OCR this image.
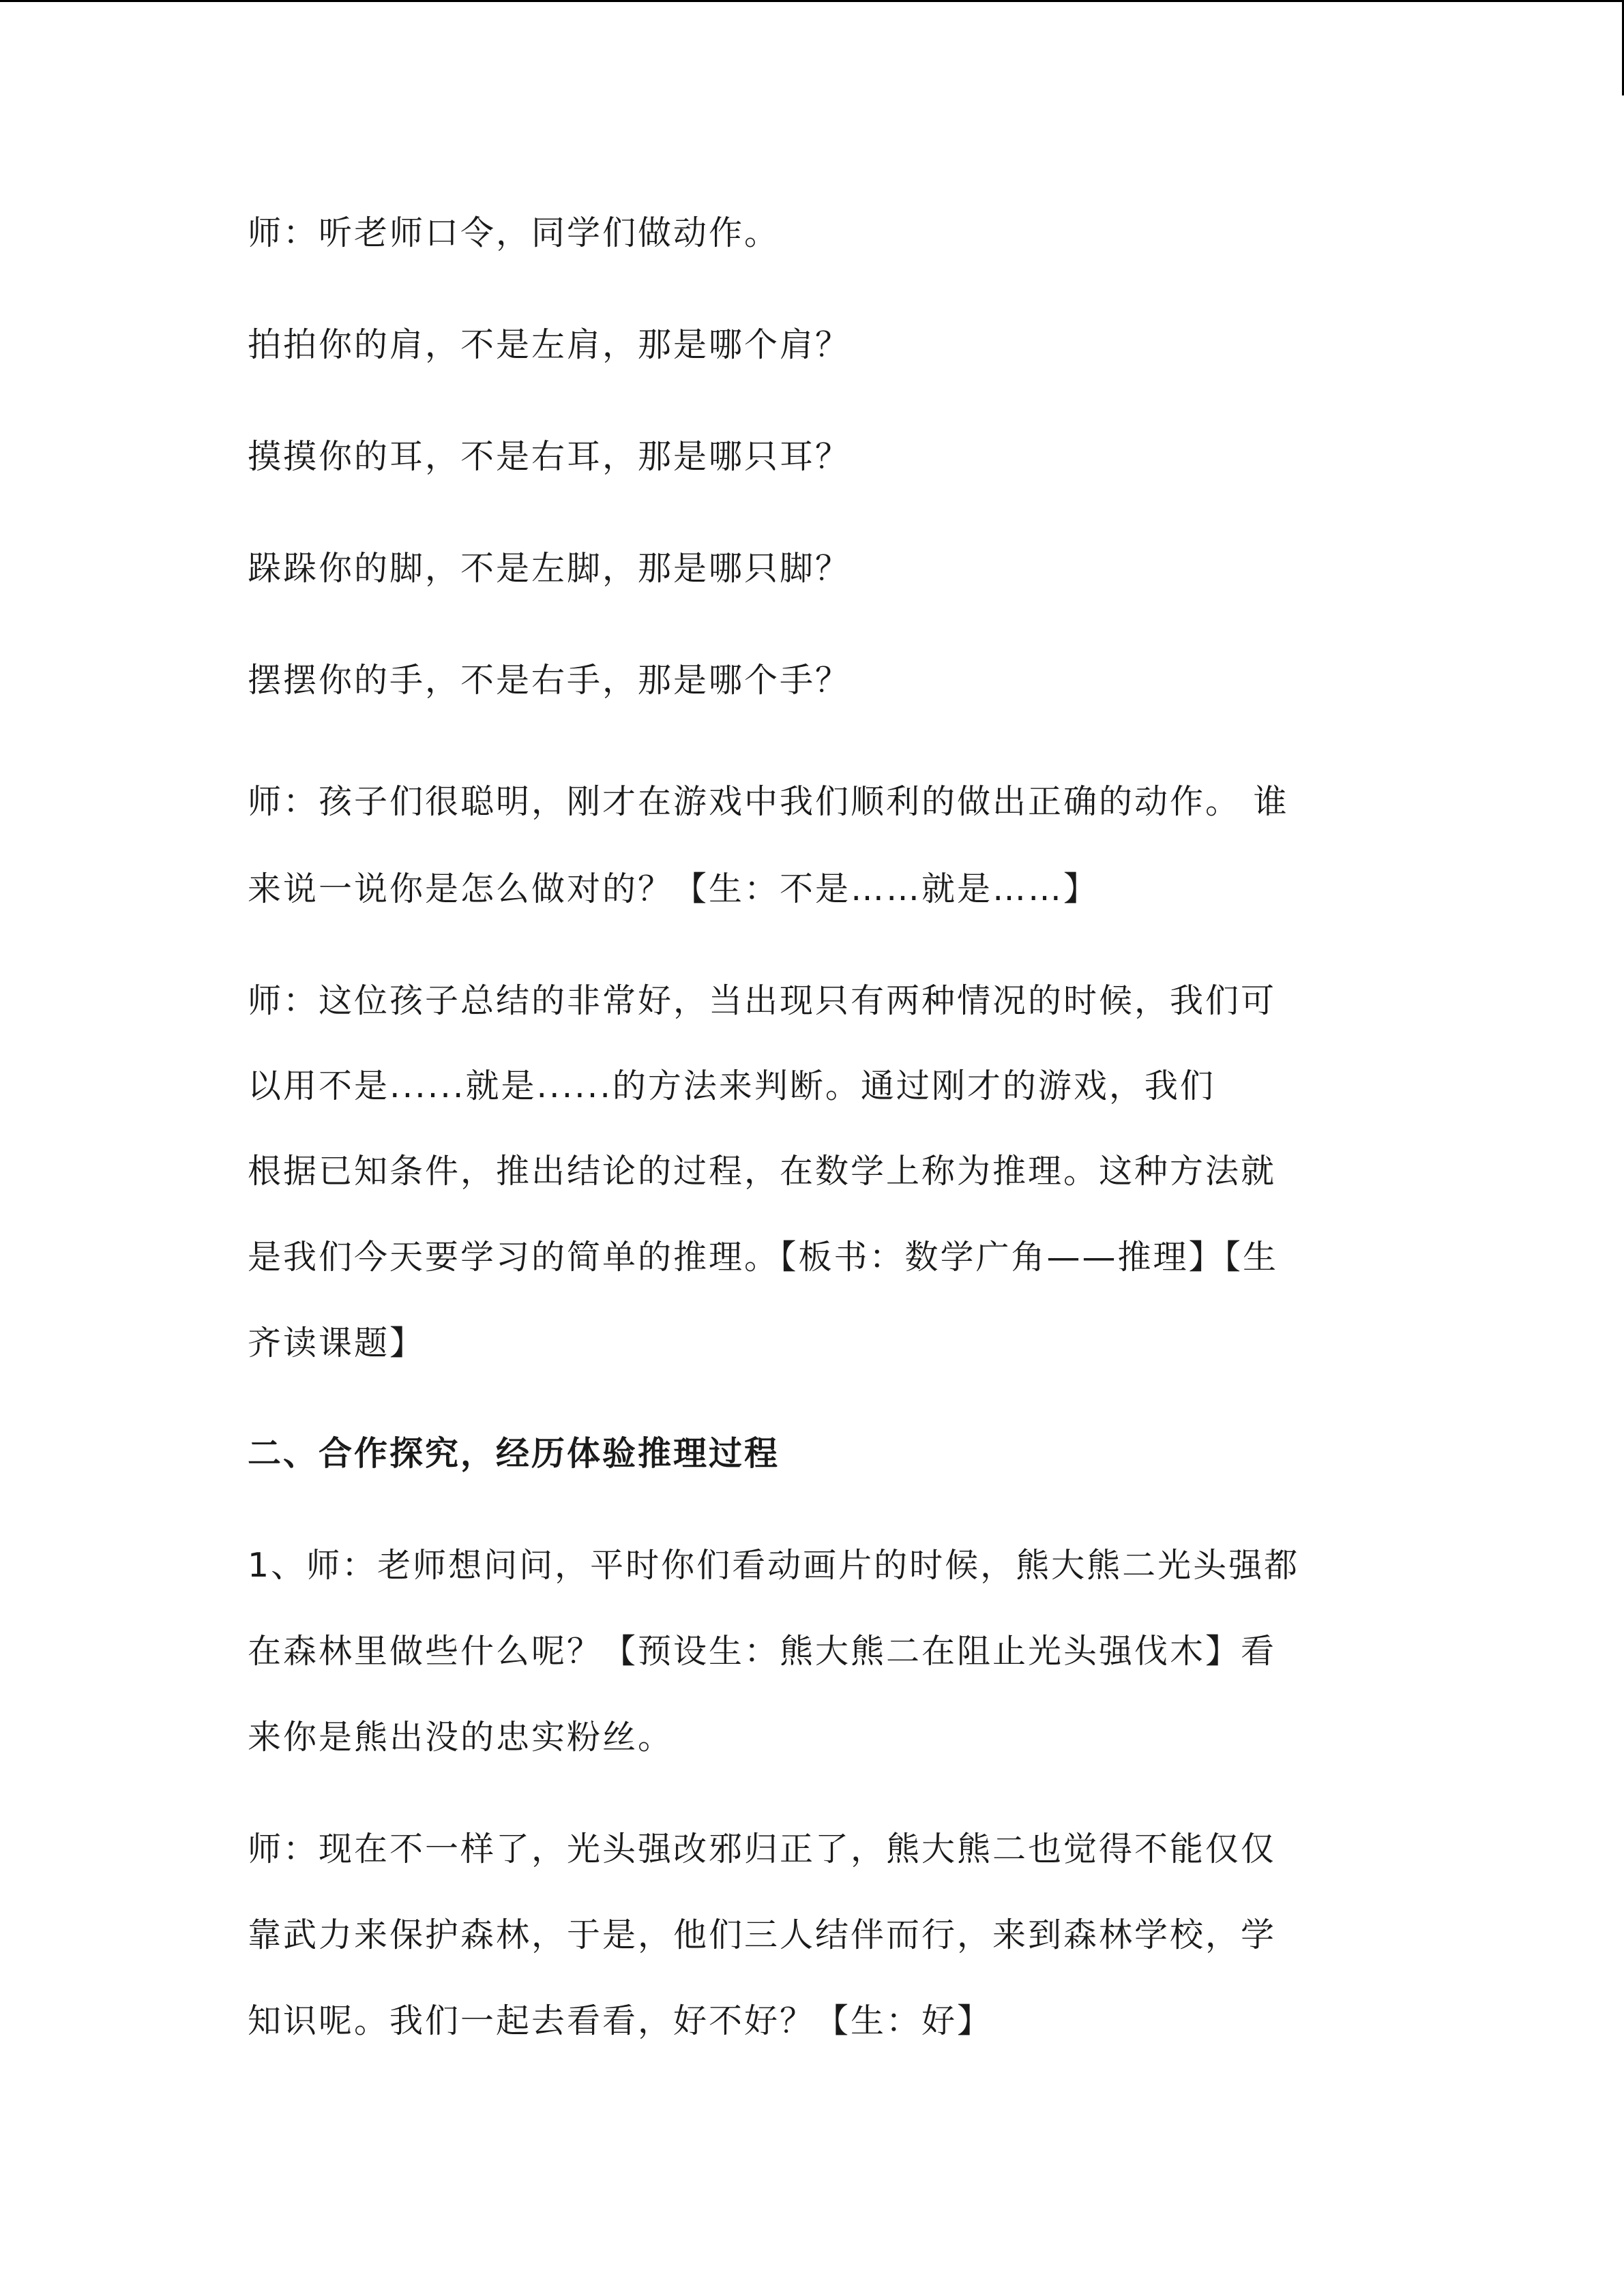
师：听老师口令，同学们做动作。
拍拍你的肩，不是左肩，那是哪个肩？
摸摸你的耳，不是右耳，那是哪只耳？
跺跺你的脚，不是左脚，那是哪只脚？
摆摆你的手，不是右手，那是哪个手？
师：孩子们很聪明，刚才在游戏中我们顺利的做出正确的动作。 谁
来说一说你是怎么做对的？【生：不是……就是……】
师：这位孩子总结的非常好，当出现只有两种情况的时候，我们可
以用不是......就是......的方法来判断。通过刚才的游戏，我们
根据已知条件，推出结论的过程，在数学上称为推理。这种方法就
是我们今天要学习的简单的推理。【板书：数学广角——推理】【生
齐读课题】
二、合作探究，经历体验推理过程
1、师：老师想问问，平时你们看动画片的时候，熊大熊二光头强都
在森林里做些什么呢？【预设生：熊大熊二在阻止光头强伐木】看
来你是熊出没的忠实粉丝。
师：现在不一样了，光头强改邪归正了，熊大熊二也觉得不能仅仅
靠武力来保护森林，于是，他们三人结伴而行，来到森林学校，学
知识呢。我们一起去看看，好不好？【生：好】
